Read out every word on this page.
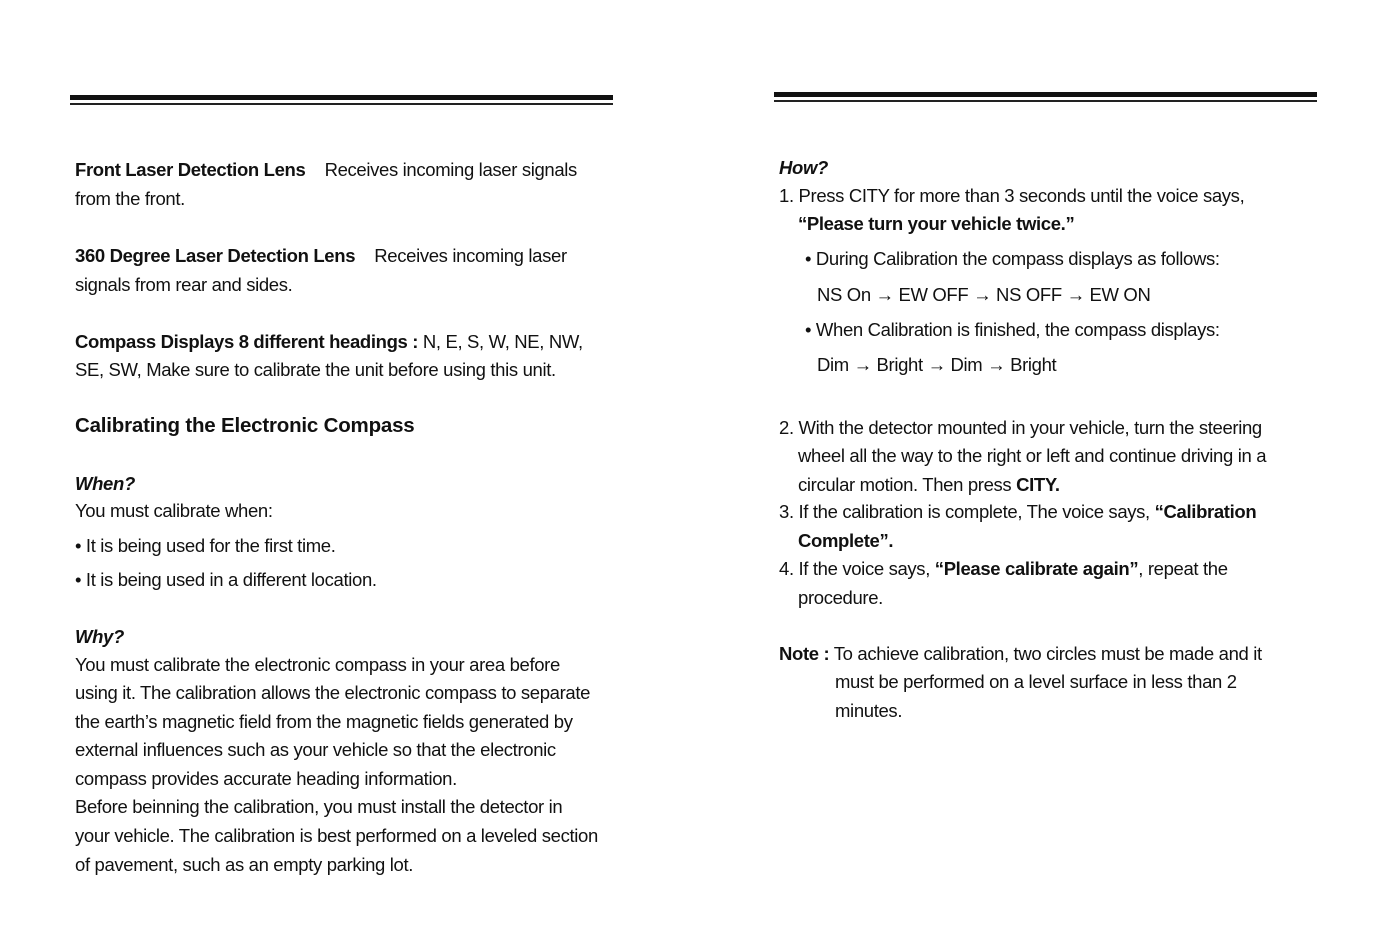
Front Laser Detection Lens    Receives incoming laser signals
from the front.
360 Degree Laser Detection Lens    Receives incoming laser
signals from rear and sides.
Compass Displays 8 different headings : N, E, S, W, NE, NW,
SE, SW, Make sure to calibrate the unit before using this unit.
Calibrating the Electronic Compass
When?
You must calibrate when:
• It is being used for the first time.
• It is being used in a different location.
Why?
You must calibrate the electronic compass in your area before
using it. The calibration allows the electronic compass to separate
the earth’s magnetic field from the magnetic fields generated by
external influences such as your vehicle so that the electronic
compass provides accurate heading information.
Before beinning the calibration, you must install the detector in
your vehicle. The calibration is best performed on a leveled section
of pavement, such as an empty parking lot.
How?
1. Press CITY for more than 3 seconds until the voice says,
“Please turn your vehicle twice.”
• During Calibration the compass displays as follows:
NS On → EW OFF → NS OFF → EW ON
• When Calibration is finished, the compass displays:
Dim → Bright → Dim → Bright
2. With the detector mounted in your vehicle, turn the steering
wheel all the way to the right or left and continue driving in a
circular motion. Then press CITY.
3. If the calibration is complete, The voice says, “Calibration
Complete”.
4. If the voice says, “Please calibrate again”, repeat the
procedure.
Note : To achieve calibration, two circles must be made and it
must be performed on a level surface in less than 2
minutes.
